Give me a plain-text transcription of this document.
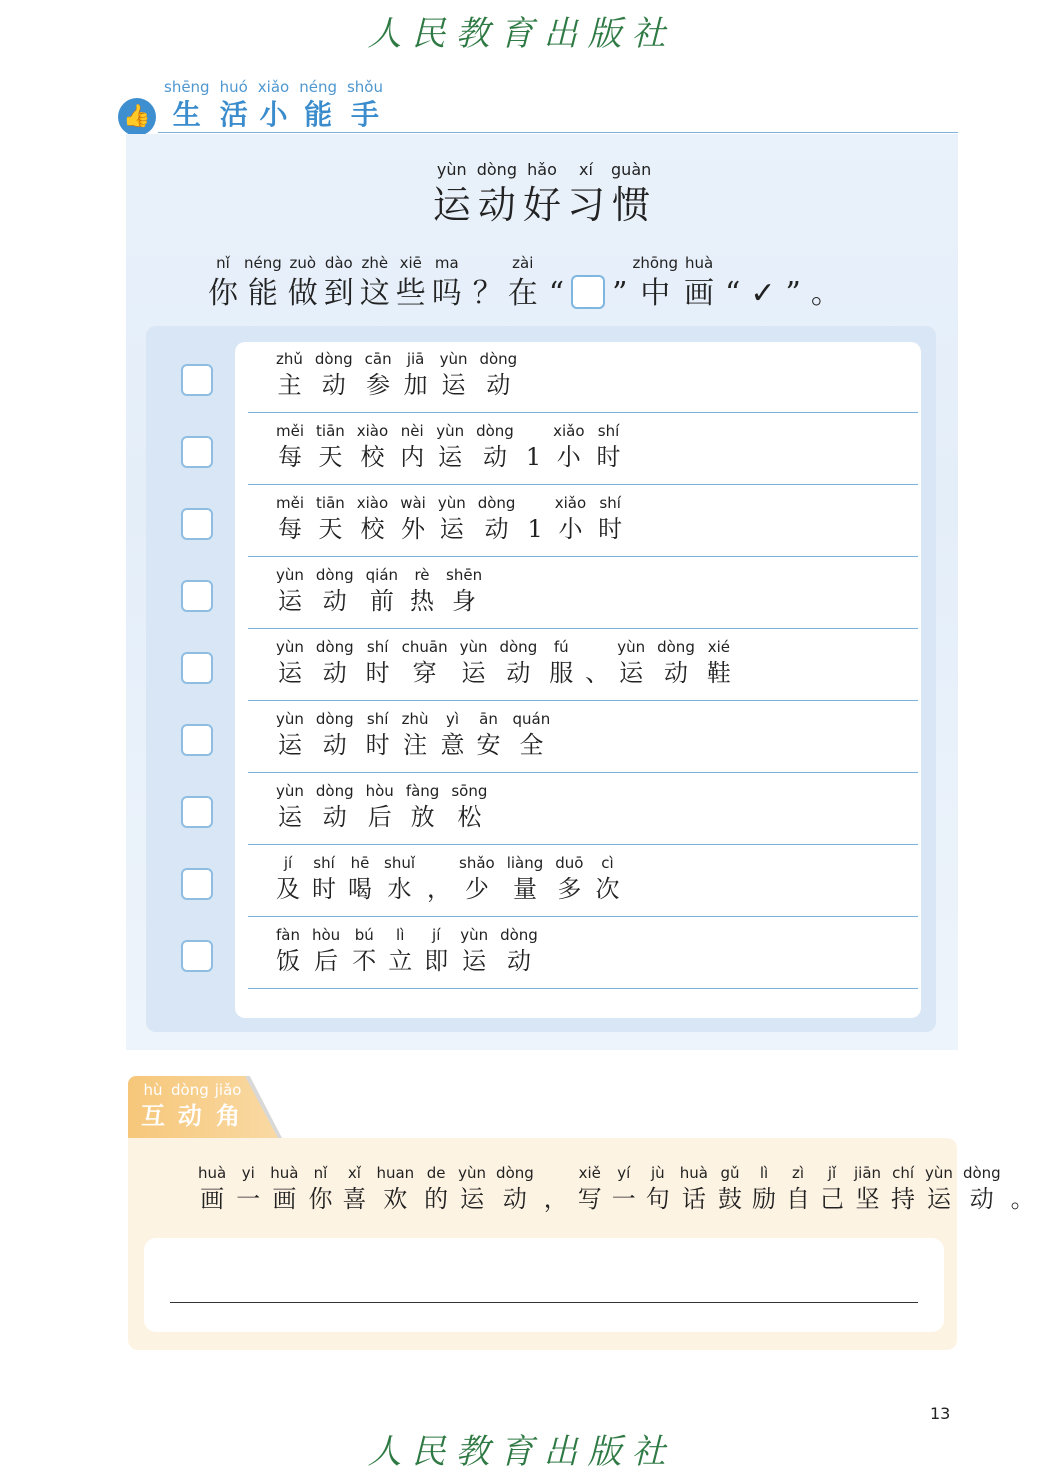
人民教育出版社
👍
shēng
生
huó
活
xiǎo
小
néng
能
shǒu
手
yùn
运
dòng
动
hǎo
好
xí
习
guàn
惯
nǐ
你
néng
能
zuò
做
dào
到
zhè
这
xiē
些
ma
吗 ？
zài
在 “ ”
zhōng
中
huà
画 “ ✓ ” 。
zhǔ
主
dòng
动
cān
参
jiā
加
yùn
运
dòng
动
měi
每
tiān
天
xiào
校
nèi
内
yùn
运
dòng
动
1
xiǎo
小
shí
时
měi
每
tiān
天
xiào
校
wài
外
yùn
运
dòng
动
1
xiǎo
小
shí
时
yùn
运
dòng
动
qián
前
rè
热
shēn
身
yùn
运
dòng
动
shí
时
chuān
穿
yùn
运
dòng
动
fú
服
、
yùn
运
dòng
动
xié
鞋
yùn
运
dòng
动
shí
时
zhù
注
yì
意
ān
安
quán
全
yùn
运
dòng
动
hòu
后
fàng
放
sōng
松
jí
及
shí
时
hē
喝
shuǐ
水
，
shǎo
少
liàng
量
duō
多
cì
次
fàn
饭
hòu
后
bú
不
lì
立
jí
即
yùn
运
dòng
动
hù
互
dòng
动
jiǎo
角
huà
画
yi
一
huà
画
nǐ
你
xǐ
喜
huan
欢
de
的
yùn
运
dòng
动
，
xiě
写
yí
一
jù
句
huà
话
gǔ
鼓
lì
励
zì
自
jǐ
己
jiān
坚
chí
持
yùn
运
dòng
动
。
13
人民教育出版社
